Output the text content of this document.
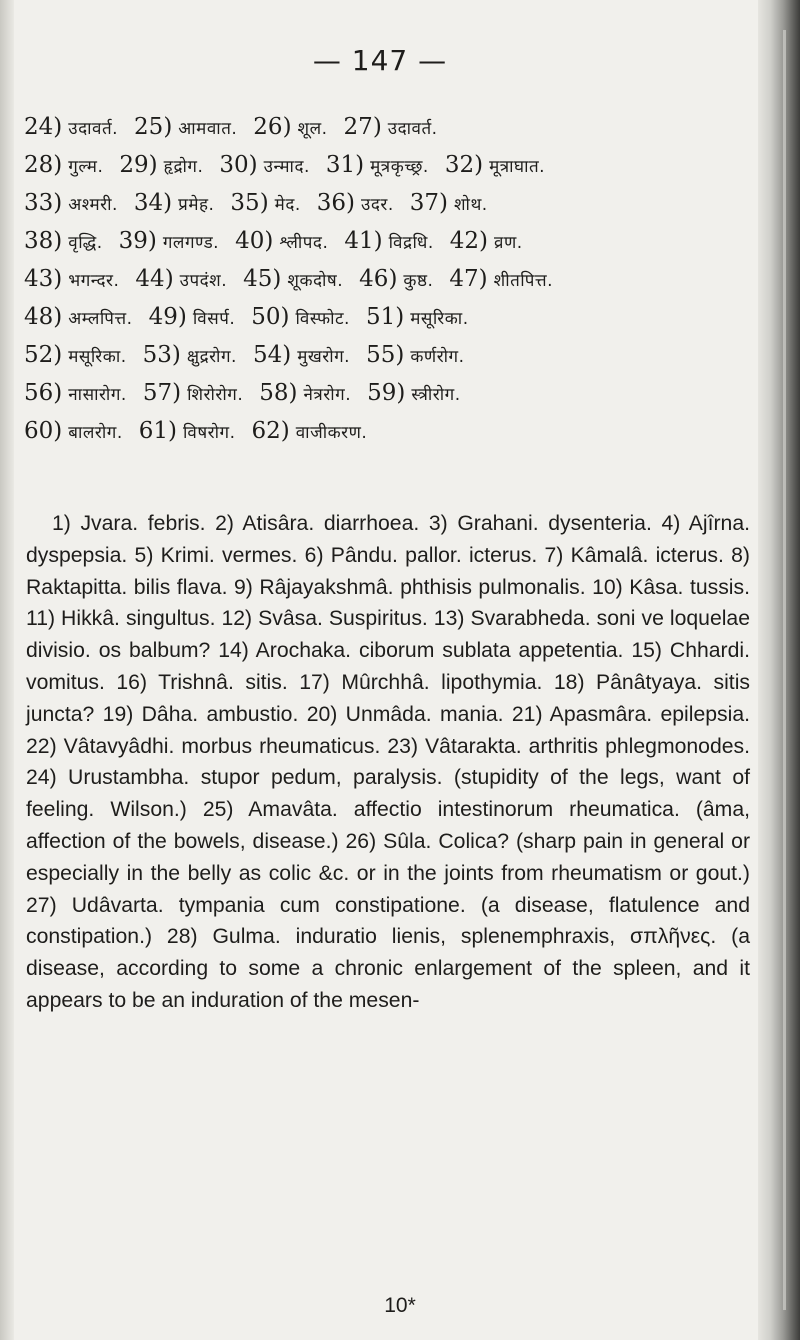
— 147 —
24) उदावर्त. 25) आमवात. 26) शूल. 27) उदावर्त.
28) गुल्म. 29) हृद्रोग. 30) उन्माद. 31) मूत्रकृच्छ्र. 32) मूत्राघात.
33) अश्मरी. 34) प्रमेह. 35) मेद. 36) उदर. 37) शोथ.
38) वृद्धि. 39) गलगण्ड. 40) श्लीपद. 41) विद्रधि. 42) व्रण.
43) भगन्दर. 44) उपदंश. 45) शूकदोष. 46) कुष्ठ. 47) शीतपित्त.
48) अम्लपित्त. 49) विसर्प. 50) विस्फोट. 51) मसूरिका.
52) मसूरिका. 53) क्षुद्ररोग. 54) मुखरोग. 55) कर्णरोग.
56) नासारोग. 57) शिरोरोग. 58) नेत्ररोग. 59) स्त्रीरोग.
60) बालरोग. 61) विषरोग. 62) वाजीकरण.

1) Jvara. febris. 2) Atisâra. diarrhoea. 3) Grahani. dysenteria. 4) Ajîrna. dyspepsia. 5) Krimi. vermes. 6) Pându. pallor. icterus. 7) Kâmalâ. icterus. 8) Raktapitta. bilis flava. 9) Râjayakshmâ. phthisis pulmonalis. 10) Kâsa. tussis. 11) Hikkâ. singultus. 12) Svâsa. Suspiritus. 13) Svarabheda. soni ve loquelae divisio. os balbum? 14) Arochaka. ciborum sublata appetentia. 15) Chhardi. vomitus. 16) Trishnâ. sitis. 17) Mûrchhâ. lipothymia. 18) Pânâtyaya. sitis juncta? 19) Dâha. ambustio. 20) Unmâda. mania. 21) Apasmâra. epilepsia. 22) Vâtavyâdhi. morbus rheumaticus. 23) Vâtarakta. arthritis phlegmonodes. 24) Urustambha. stupor pedum, paralysis. (stupidity of the legs, want of feeling. Wilson.) 25) Amavâta. affectio intestinorum rheumatica. (âma, affection of the bowels, disease.) 26) Sûla. Colica? (sharp pain in general or especially in the belly as colic &c. or in the joints from rheumatism or gout.) 27) Udâvarta. tympania cum constipatione. (a disease, flatulence and constipation.) 28) Gulma. induratio lienis, splenemphraxis, σπλῆνες. (a disease, according to some a chronic enlargement of the spleen, and it appears to be an induration of the mesen-

10*
